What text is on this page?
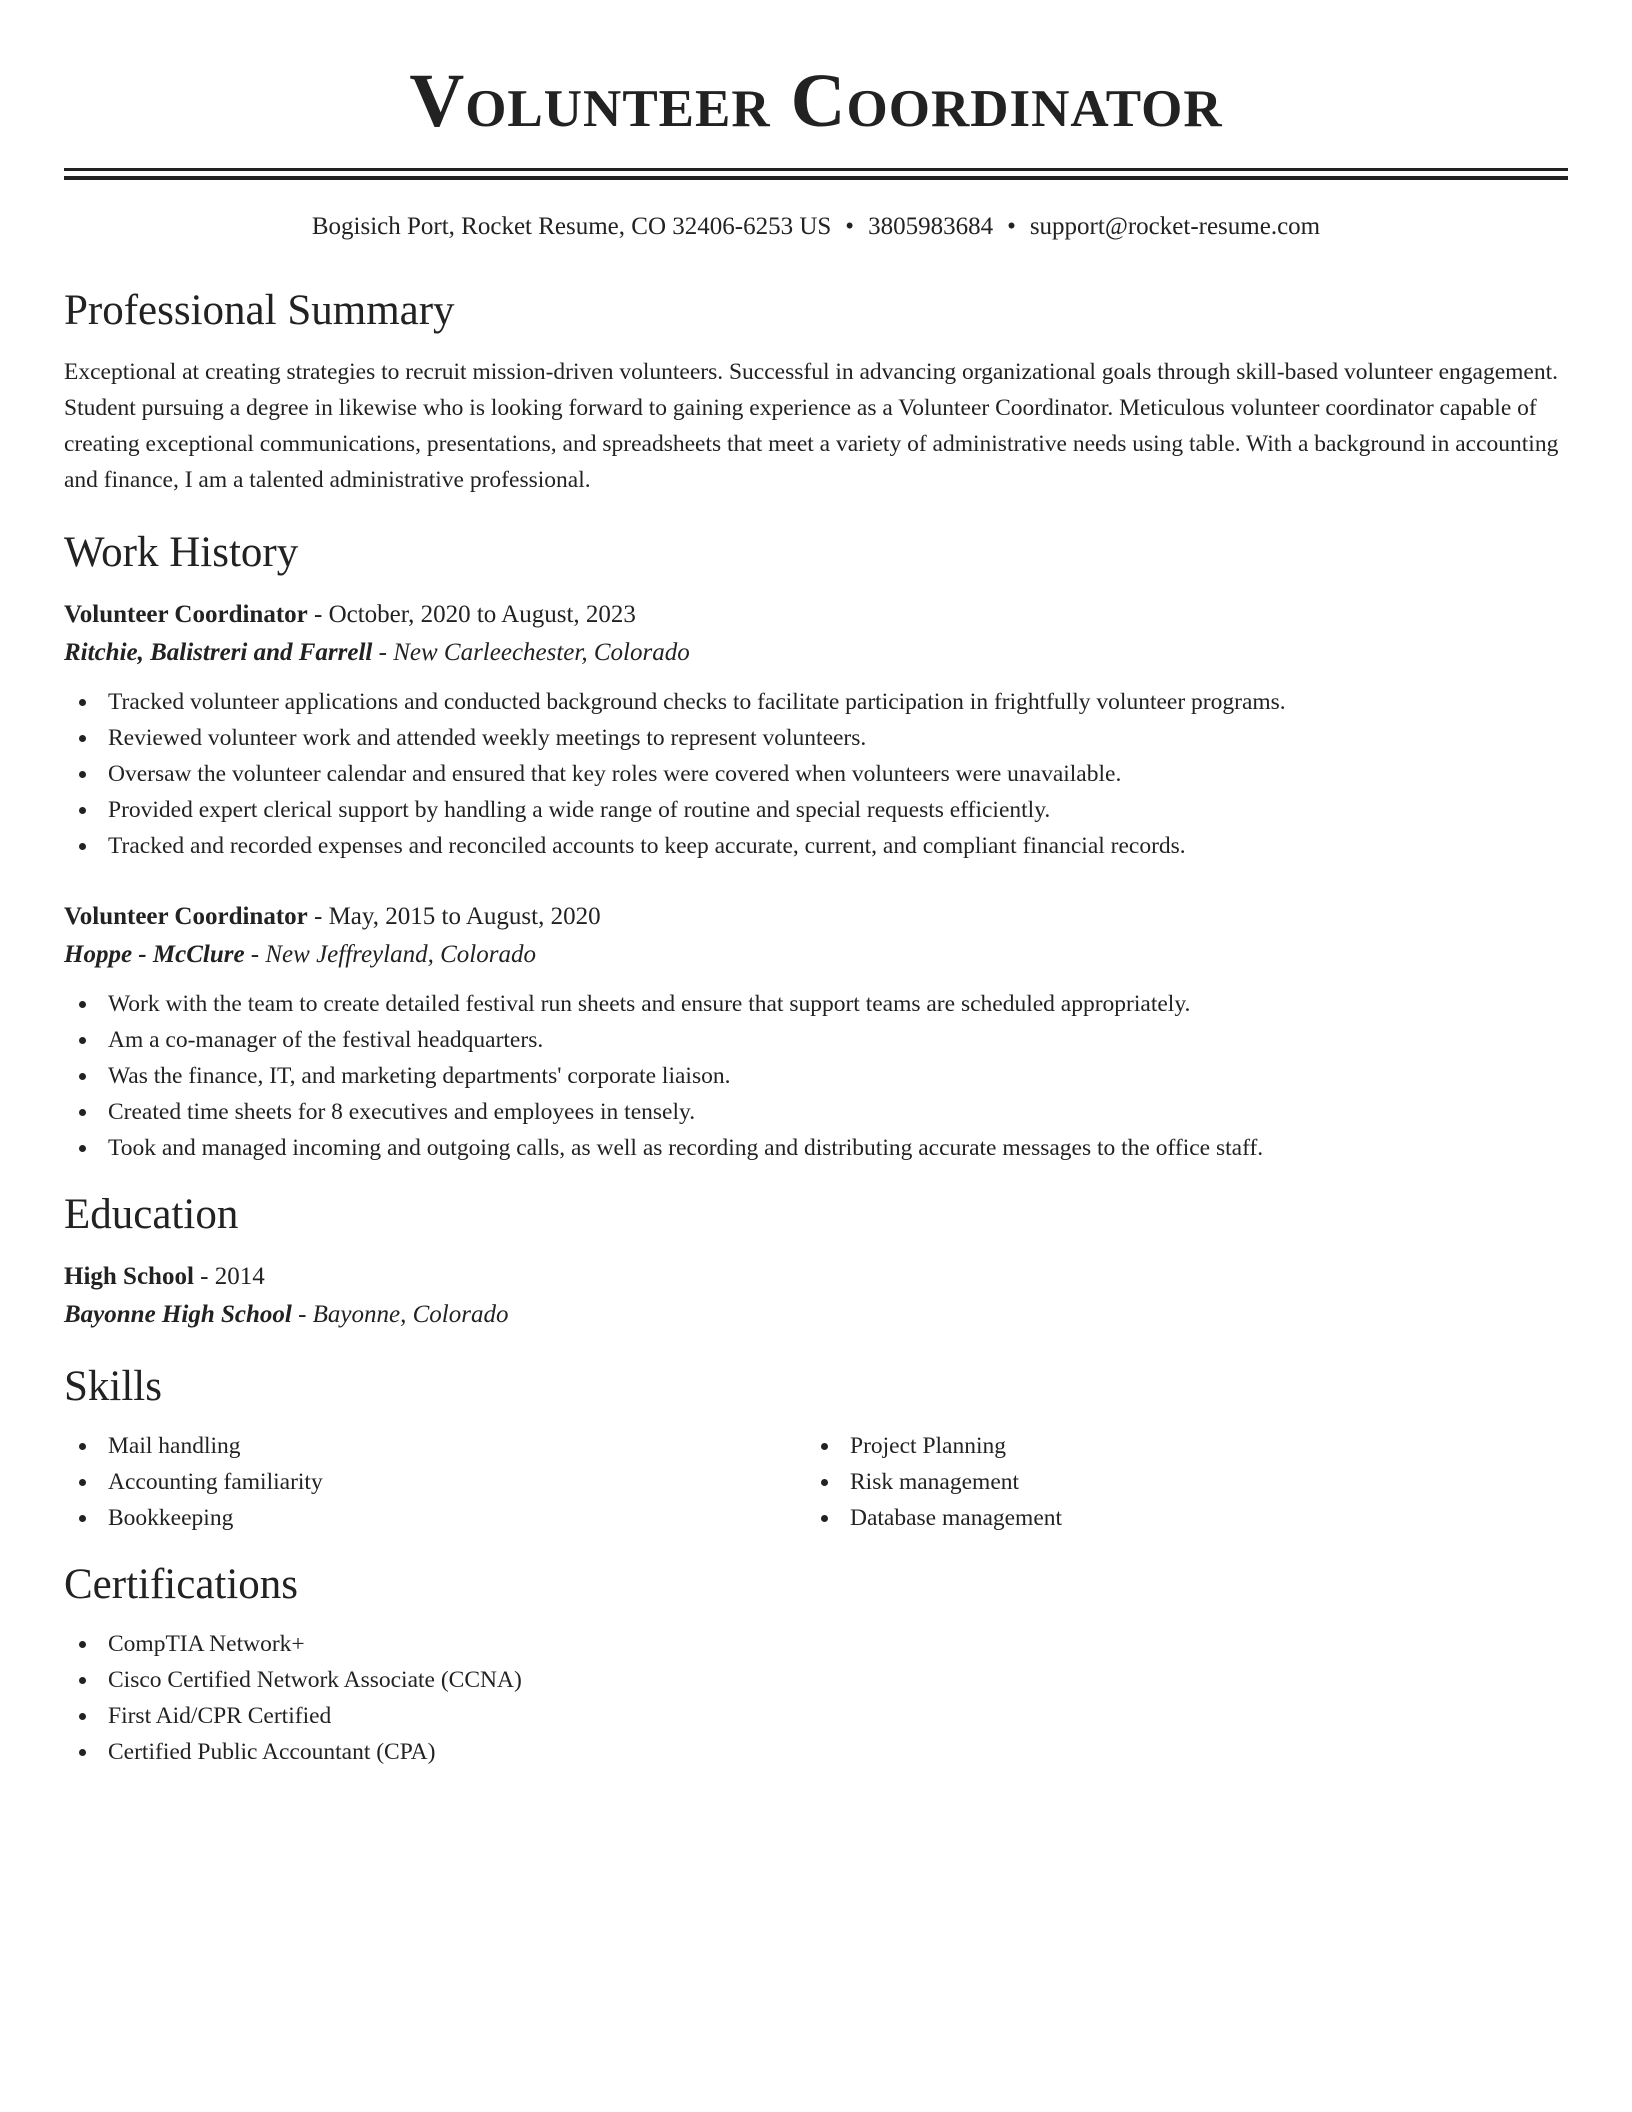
Volunteer Coordinator
Bogisich Port, Rocket Resume, CO 32406-6253 US • 3805983684 • support@rocket-resume.com
Professional Summary

Exceptional at creating strategies to recruit mission-driven volunteers. Successful in advancing organizational goals through skill-based volunteer engagement. Student pursuing a degree in likewise who is looking forward to gaining experience as a Volunteer Coordinator. Meticulous volunteer coordinator capable of creating exceptional communications, presentations, and spreadsheets that meet a variety of administrative needs using table. With a background in accounting and finance, I am a talented administrative professional.

Work History
Volunteer Coordinator - October, 2020 to August, 2023
Ritchie, Balistreri and Farrell - New Carleechester, Colorado
Tracked volunteer applications and conducted background checks to facilitate participation in frightfully volunteer programs.
Reviewed volunteer work and attended weekly meetings to represent volunteers.
Oversaw the volunteer calendar and ensured that key roles were covered when volunteers were unavailable.
Provided expert clerical support by handling a wide range of routine and special requests efficiently.
Tracked and recorded expenses and reconciled accounts to keep accurate, current, and compliant financial records.
Volunteer Coordinator - May, 2015 to August, 2020
Hoppe - McClure - New Jeffreyland, Colorado
Work with the team to create detailed festival run sheets and ensure that support teams are scheduled appropriately.
Am a co-manager of the festival headquarters.
Was the finance, IT, and marketing departments' corporate liaison.
Created time sheets for 8 executives and employees in tensely.
Took and managed incoming and outgoing calls, as well as recording and distributing accurate messages to the office staff.
Education
High School - 2014
Bayonne High School - Bayonne, Colorado
Skills
Mail handling
Accounting familiarity
Bookkeeping
Project Planning
Risk management
Database management
Certifications
CompTIA Network+
Cisco Certified Network Associate (CCNA)
First Aid/CPR Certified
Certified Public Accountant (CPA)
